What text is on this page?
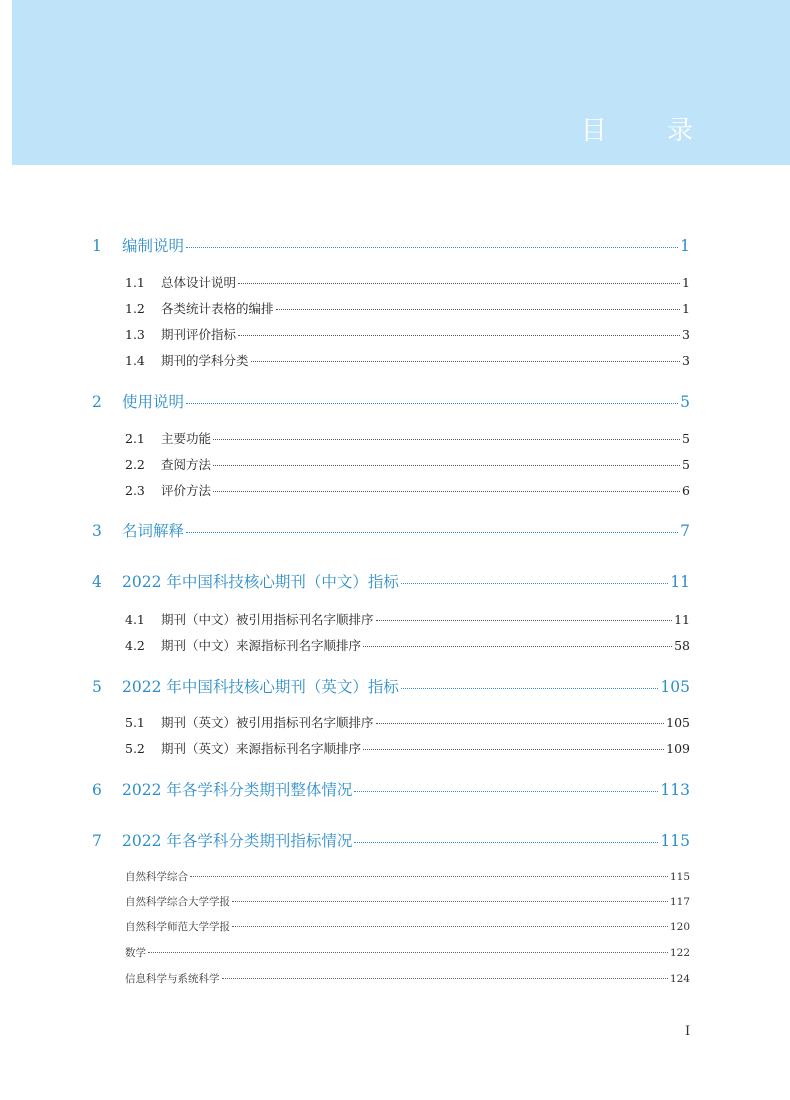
目 录
1	编制说明	1
1.1	总体设计说明	1
1.2	各类统计表格的编排	1
1.3	期刊评价指标	3
1.4	期刊的学科分类	3
2	使用说明	5
2.1	主要功能	5
2.2	查阅方法	5
2.3	评价方法	6
3	名词解释	7
4	2022 年中国科技核心期刊（中文）指标	11
4.1	期刊（中文）被引用指标刊名字顺排序	11
4.2	期刊（中文）来源指标刊名字顺排序	58
5	2022 年中国科技核心期刊（英文）指标	105
5.1	期刊（英文）被引用指标刊名字顺排序	105
5.2	期刊（英文）来源指标刊名字顺排序	109
6	2022 年各学科分类期刊整体情况	113
7	2022 年各学科分类期刊指标情况	115
自然科学综合	115
自然科学综合大学学报	117
自然科学师范大学学报	120
数学	122
信息科学与系统科学	124
I
